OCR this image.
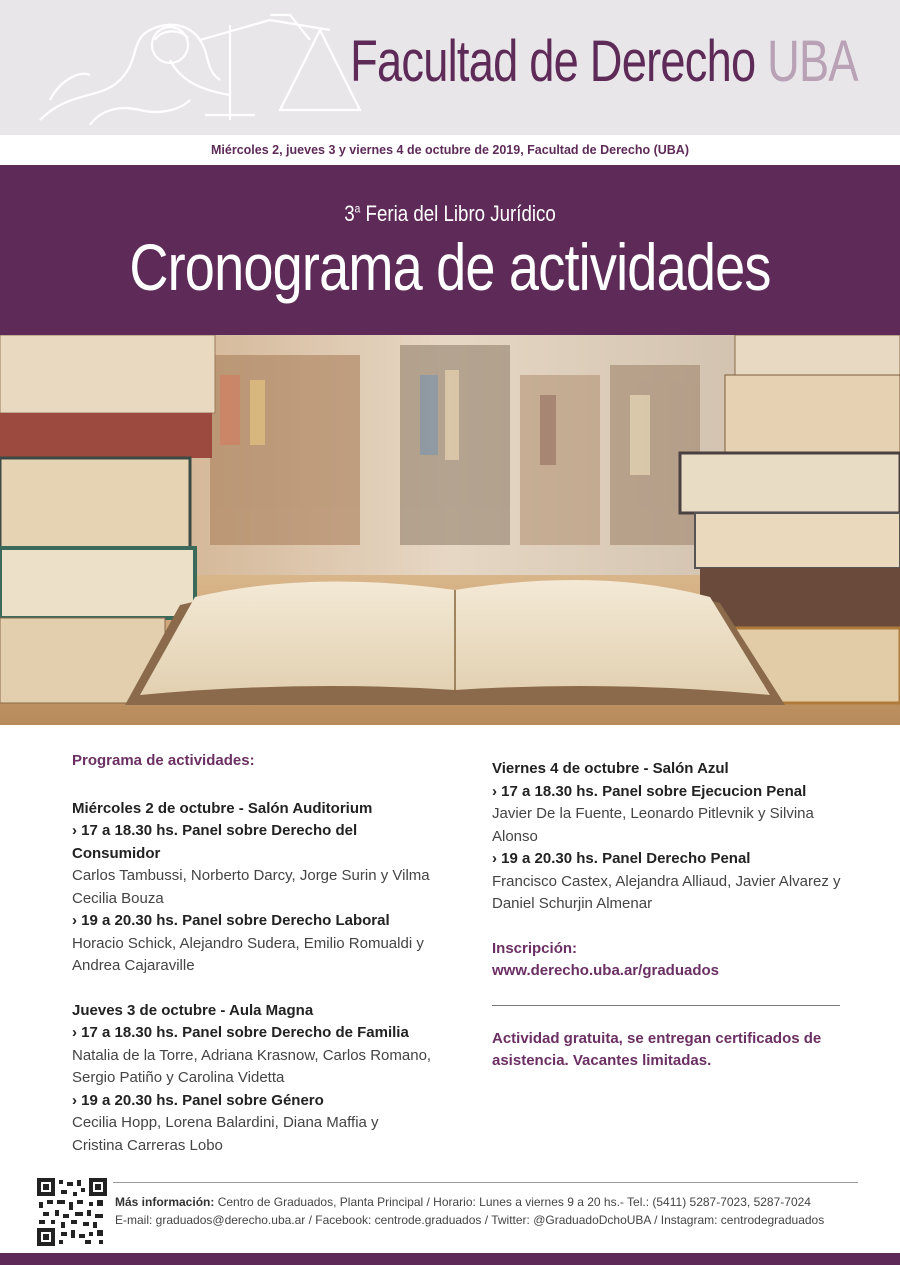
Facultad de Derecho UBA
Miércoles 2, jueves 3 y viernes 4 de octubre de 2019, Facultad de Derecho (UBA)
3$^a$ Feria del Libro Jurídico
Cronograma de actividades
Programa de actividades:
Miércoles 2 de octubre - Salón Auditorium
› 17 a 18.30 hs. Panel sobre Derecho del Consumidor
Carlos Tambussi, Norberto Darcy, Jorge Surin y Vilma Cecilia Bouza
› 19 a 20.30 hs. Panel sobre Derecho Laboral
Horacio Schick, Alejandro Sudera, Emilio Romualdi y Andrea Cajaraville
Jueves 3 de octubre - Aula Magna
› 17 a 18.30 hs. Panel sobre Derecho de Familia
Natalia de la Torre, Adriana Krasnow, Carlos Romano, Sergio Patiño y Carolina Videtta
› 19 a 20.30 hs. Panel sobre Género
Cecilia Hopp, Lorena Balardini, Diana Maffia y Cristina Carreras Lobo
Viernes 4 de octubre - Salón Azul
› 17 a 18.30 hs. Panel sobre Ejecucion Penal
Javier De la Fuente, Leonardo Pitlevnik y Silvina Alonso
› 19 a 20.30 hs. Panel Derecho Penal
Francisco Castex, Alejandra Alliaud, Javier Alvarez y Daniel Schurjin Almenar
Inscripción:
www.derecho.uba.ar/graduados
Actividad gratuita, se entregan certificados de asistencia. Vacantes limitadas.
Más información: Centro de Graduados, Planta Principal / Horario: Lunes a viernes 9 a 20 hs.- Tel.: (5411) 5287-7023, 5287-7024
E-mail: graduados@derecho.uba.ar / Facebook: centrode.graduados / Twitter: @GraduadoDchoUBA / Instagram: centrodegraduados
